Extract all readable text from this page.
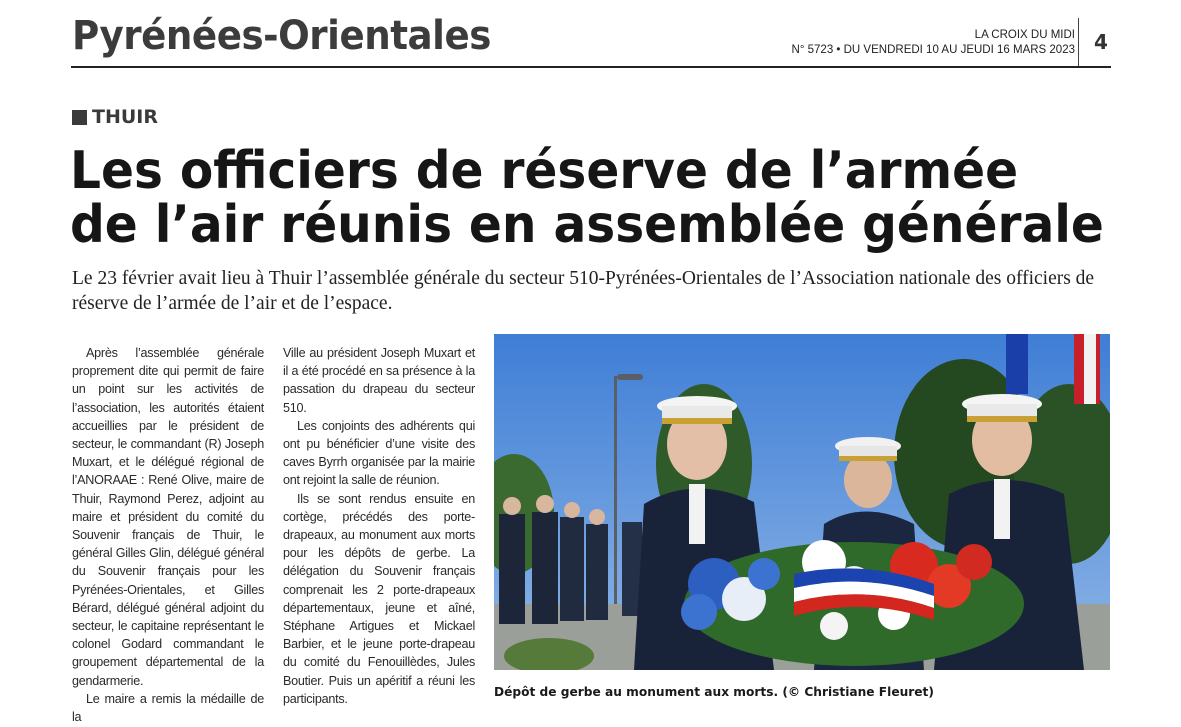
Pyrénées-Orientales	LA CROIX DU MIDI
N° 5723 • DU VENDREDI 10 AU JEUDI 16 MARS 2023 4
THUIR
Les officiers de réserve de l’armée
de l’air réunis en assemblée générale

Le 23 février avait lieu à Thuir l’assemblée générale du secteur 510-Pyrénées-Orientales de l’Association nationale des officiers de réserve de l’armée de l’air et de l’espace.

Après l’assemblée générale proprement dite qui permit de faire un point sur les activités de l’association, les autorités étaient accueillies par le président de secteur, le commandant (R) Joseph Muxart, et le délégué régional de l’ANORAAE : René Olive, maire de Thuir, Raymond Perez, adjoint au maire et président du comité du Souvenir français de Thuir, le général Gilles Glin, délégué général du Souvenir français pour les Pyrénées-Orientales, et Gilles Bérard, délégué général adjoint du secteur, le capitaine représentant le colonel Godard commandant le groupement départemental de la gendarmerie.

Le maire a remis la médaille de la

Ville au président Joseph Muxart et il a été procédé en sa présence à la passation du drapeau du secteur 510.

Les conjoints des adhérents qui ont pu bénéficier d’une visite des caves Byrrh organisée par la mairie ont rejoint la salle de réunion.

Ils se sont rendus ensuite en cortège, précédés des porte-drapeaux, au monument aux morts pour les dépôts de gerbe. La délégation du Souvenir français comprenait les 2 porte-drapeaux départementaux, jeune et aîné, Stéphane Artigues et Mickael Barbier, et le jeune porte-drapeau du comité du Fenouillèdes, Jules Boutier. Puis un apéritif a réuni les participants.	Dépôt de gerbe au monument aux morts. (© Christiane Fleuret)
